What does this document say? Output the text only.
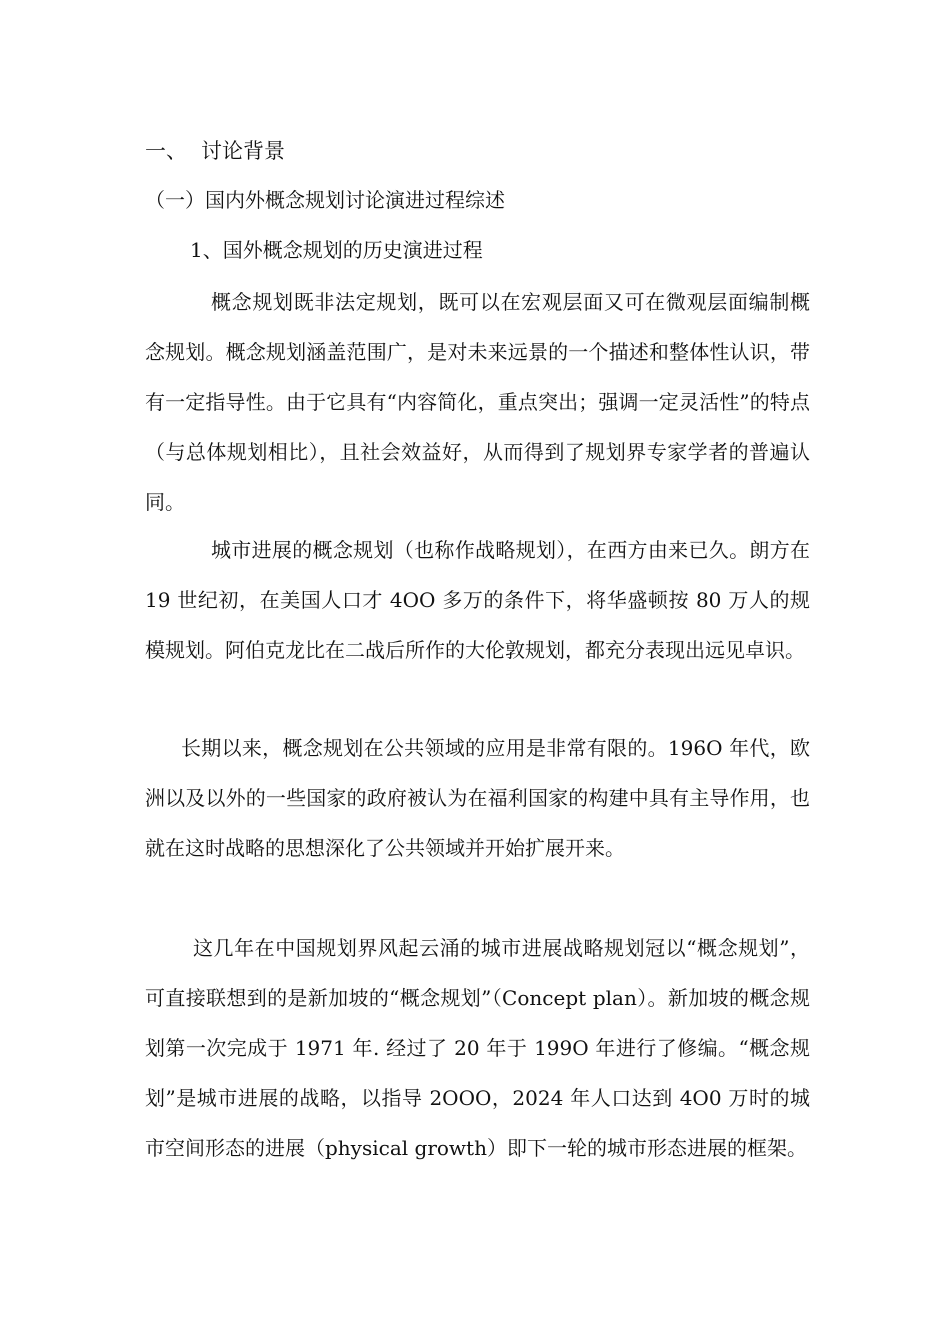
一、 讨论背景
（一）国内外概念规划讨论演进过程综述
1、国外概念规划的历史演进过程
概念规划既非法定规划，既可以在宏观层面又可在微观层面编制概念规划。概念规划涵盖范围广，是对未来远景的一个描述和整体性认识，带有一定指导性。由于它具有“内容简化，重点突出；强调一定灵活性”的特点（与总体规划相比），且社会效益好，从而得到了规划界专家学者的普遍认同。
城市进展的概念规划（也称作战略规划），在西方由来已久。朗方在 19 世纪初，在美国人口才 4OO 多万的条件下，将华盛顿按 80 万人的规模规划。阿伯克龙比在二战后所作的大伦敦规划，都充分表现出远见卓识。
长期以来，概念规划在公共领域的应用是非常有限的。196O 年代，欧洲以及以外的一些国家的政府被认为在福利国家的构建中具有主导作用，也就在这时战略的思想深化了公共领域并开始扩展开来。
这几年在中国规划界风起云涌的城市进展战略规划冠以“概念规划”，可直接联想到的是新加坡的“概念规划”（Concept plan）。新加坡的概念规划第一次完成于 1971 年. 经过了 20 年于 199O 年进行了修编。“概念规划”是城市进展的战略，以指导 2OOO，2024 年人口达到 4O0 万时的城市空间形态的进展（physical growth）即下一轮的城市形态进展的框架。
